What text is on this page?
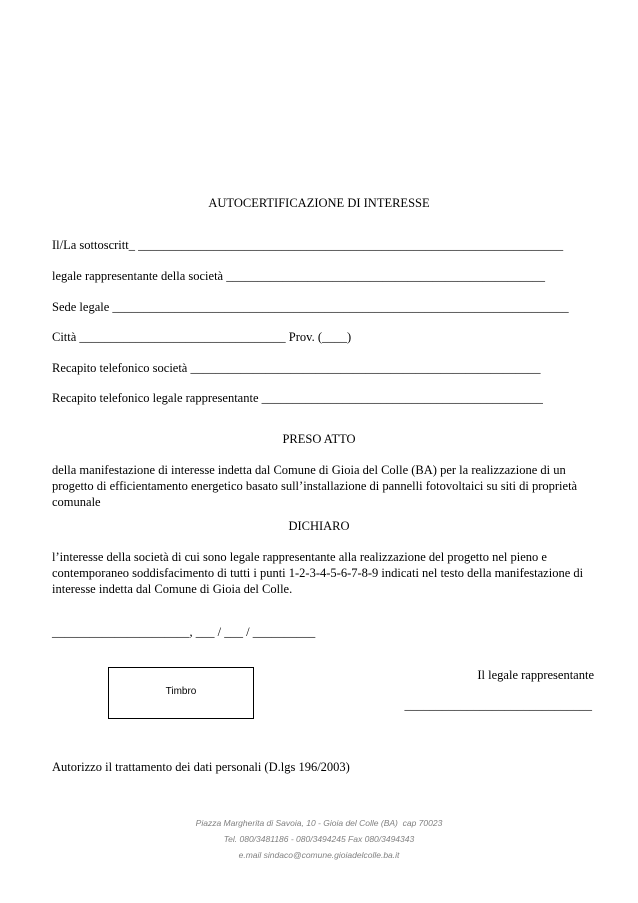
AUTOCERTIFICAZIONE DI INTERESSE
Il/La sottoscritt_ ____________________________________________________________________
legale rappresentante della società ___________________________________________________
Sede legale _________________________________________________________________________
Città _________________________________ Prov. (____)
Recapito telefonico società ________________________________________________________
Recapito telefonico legale rappresentante _____________________________________________
PRESO ATTO
della manifestazione di interesse indetta dal Comune di Gioia del Colle (BA) per la realizzazione di un progetto di efficientamento energetico basato sull’installazione di pannelli fotovoltaici su siti di proprietà comunale
DICHIARO
l’interesse della società di cui sono legale rappresentante alla realizzazione del progetto nel pieno e contemporaneo soddisfacimento di tutti i punti 1-2-3-4-5-6-7-8-9 indicati nel testo della manifestazione di interesse indetta dal Comune di Gioia del Colle.
______________________, ___ / ___ / __________
Timbro
Il legale rappresentante
______________________________
Autorizzo il trattamento dei dati personali (D.lgs 196/2003)
Piazza Margherita di Savoia, 10 - Gioia del Colle (BA)  cap 70023
Tel. 080/3481186 - 080/3494245 Fax 080/3494343
e.mail sindaco@comune.gioiadelcolle.ba.it
